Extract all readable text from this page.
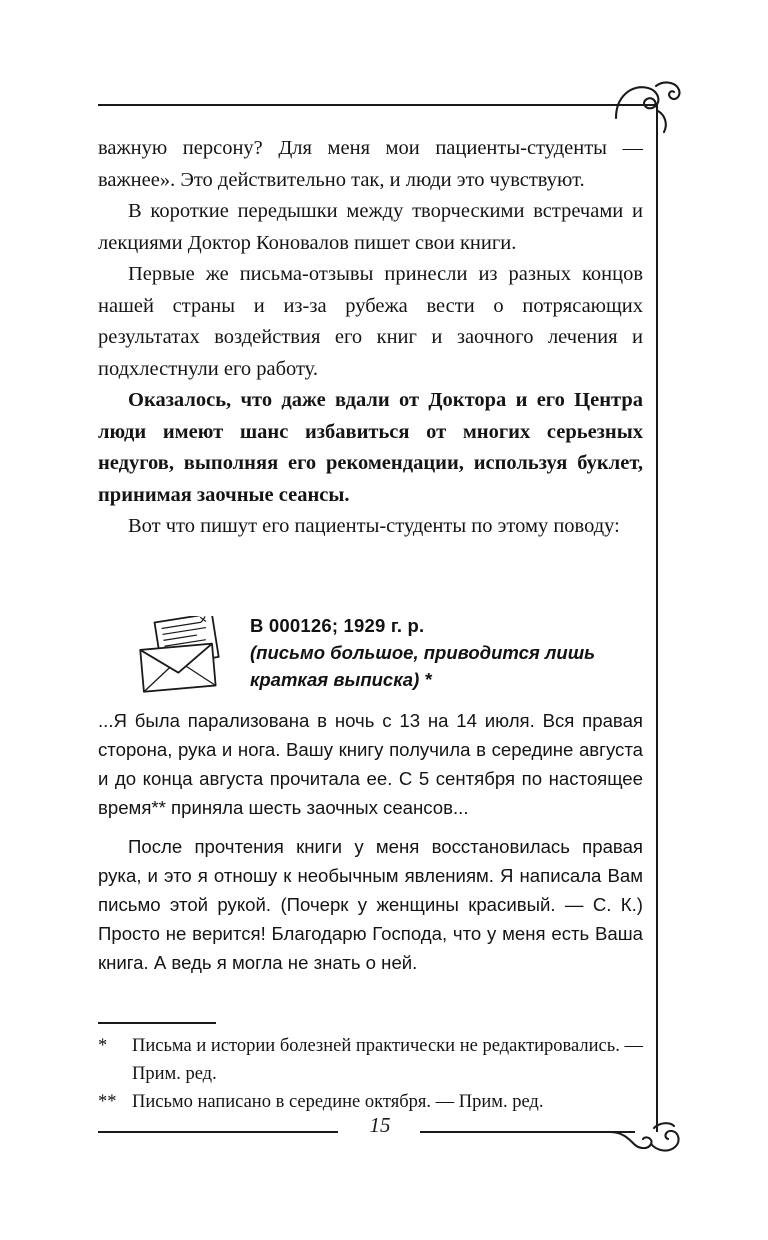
15

важную персону? Для меня мои пациенты-студенты — важнее». Это действительно так, и люди это чувствуют.

В короткие передышки между творческими встречами и лекциями Доктор Коновалов пишет свои книги.

Первые же письма-отзывы принесли из разных концов нашей страны и из-за рубежа вести о потрясающих результатах воздействия его книг и заочного лечения и подхлестнули его работу.

Оказалось, что даже вдали от Доктора и его Центра люди имеют шанс избавиться от многих серьезных недугов, выполняя его рекомендации, используя буклет, принимая заочные сеансы.

Вот что пишут его пациенты-студенты по этому поводу:

В 000126; 1929 г. р.
(письмо большое, приводится лишь краткая выписка) *

...Я была парализована в ночь с 13 на 14 июля. Вся правая сторона, рука и нога. Вашу книгу получила в середине августа и до конца августа прочитала ее. С 5 сентября по настоящее время** приняла шесть заочных сеансов...

После прочтения книги у меня восстановилась правая рука, и это я отношу к необычным явлениям. Я написала Вам письмо этой рукой. (Почерк у женщины красивый. — С. К.) Просто не верится! Благодарю Господа, что у меня есть Ваша книга. А ведь я могла не знать о ней.

*	Письма и истории болезней практически не редактировались. — Прим. ред.
** Письмо написано в середине октября. — Прим. ред.
